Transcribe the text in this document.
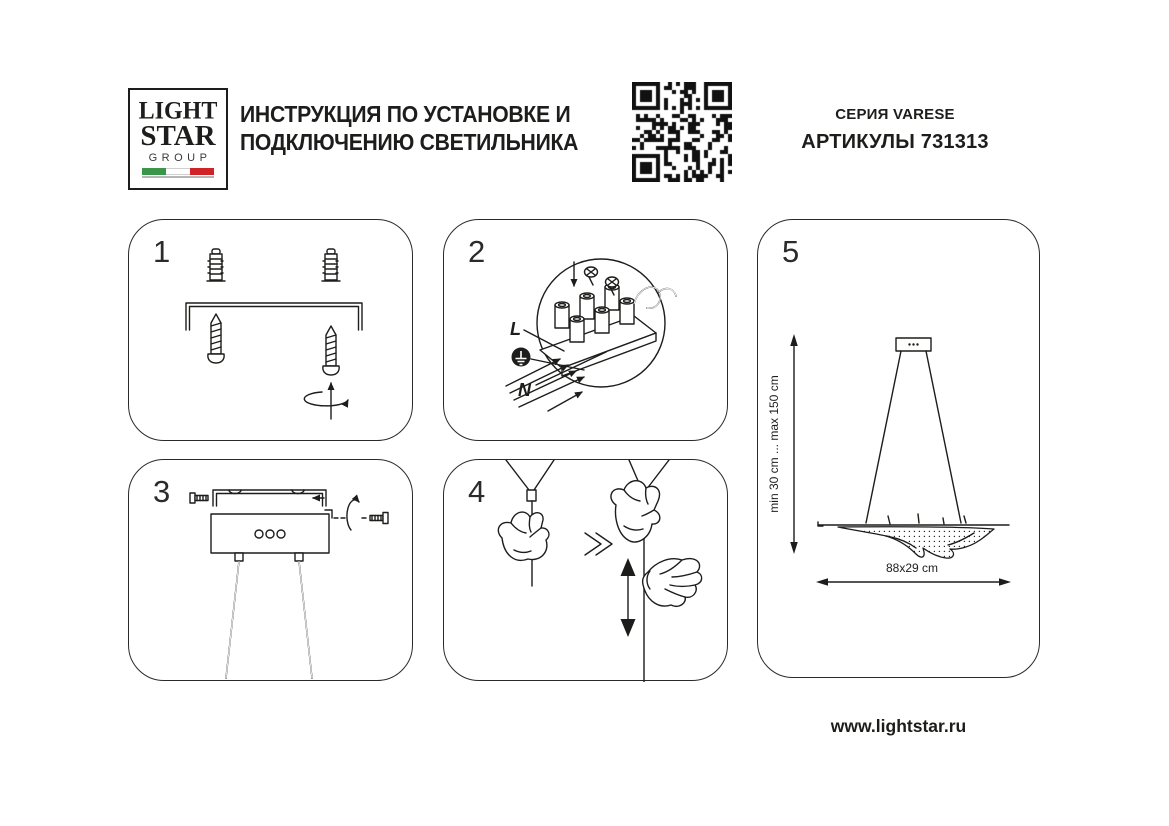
LIGHT
STAR
GROUP
ИНСТРУКЦИЯ ПО УСТАНОВКЕ И
ПОДКЛЮЧЕНИЮ СВЕТИЛЬНИКА
СЕРИЯ VARESE
АРТИКУЛЫ 731313
1	2
L
N
3	4
5
min 30 cm ... max 150 cm
88x29 cm
www.lightstar.ru
